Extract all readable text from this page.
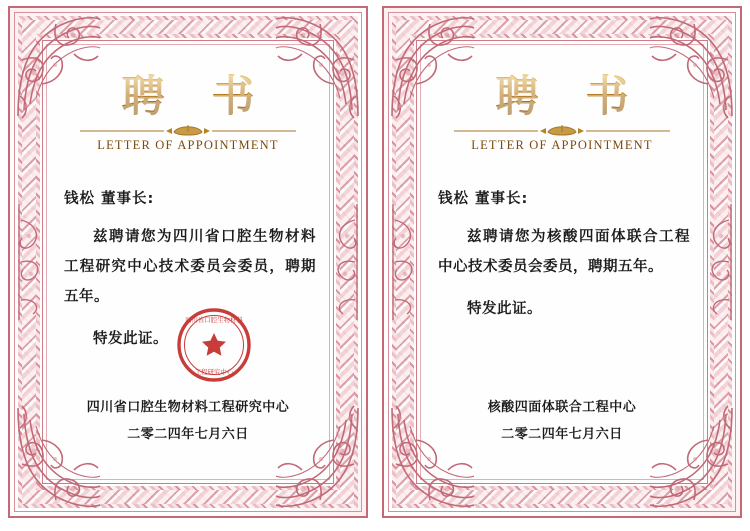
聘 书
LETTER OF APPOINTMENT
钱松 董事长:

兹聘请您为四川省口腔生物材料工程研究中心技术委员会委员，聘期五年。

特发此证。

四川省口腔生物材料工程研究中心
二零二四年七月六日
四川省口腔生物材料
工程研究中心
聘 书
LETTER OF APPOINTMENT
钱松 董事长:

兹聘请您为核酸四面体联合工程中心技术委员会委员，聘期五年。

特发此证。

核酸四面体联合工程中心
二零二四年七月六日
